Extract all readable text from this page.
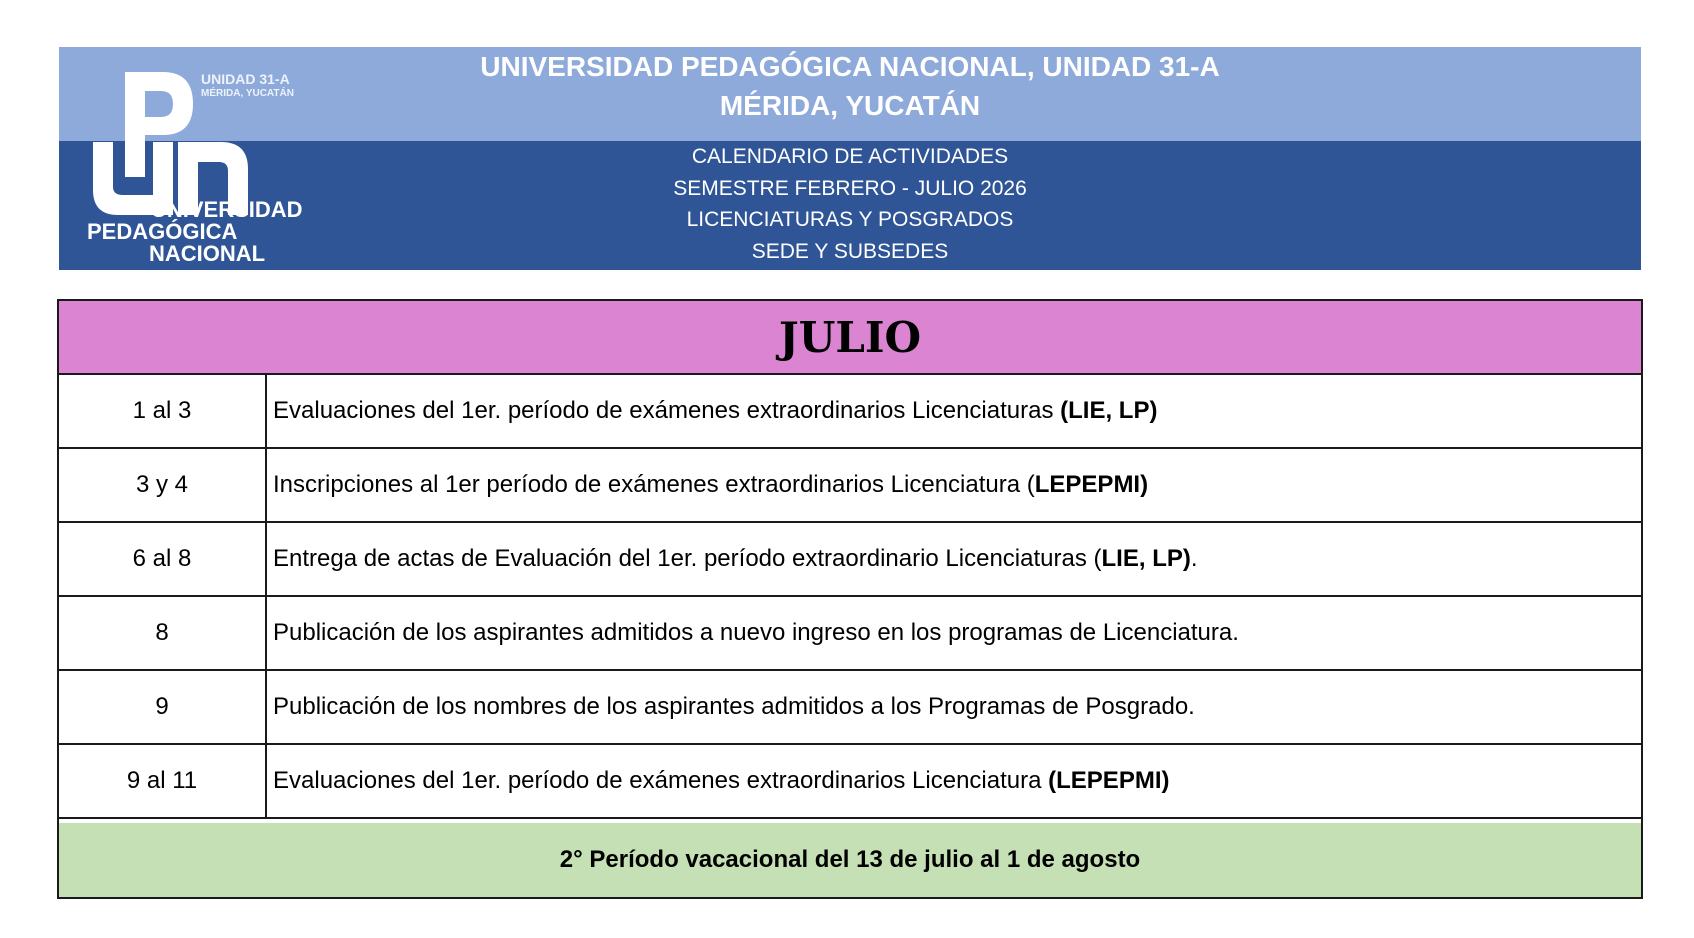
UNIVERSIDAD PEDAGÓGICA NACIONAL, UNIDAD 31-A
MÉRIDA, YUCATÁN
CALENDARIO DE ACTIVIDADES
SEMESTRE FEBRERO - JULIO 2026
LICENCIATURAS Y POSGRADOS
SEDE Y SUBSEDES
UNIDAD 31-A
MÉRIDA, YUCATÁN
UNIVERSIDAD
PEDAGÓGICA
NACIONAL
JULIO
1 al 3	Evaluaciones del 1er. período de exámenes extraordinarios Licenciaturas (LIE, LP)
3 y 4	Inscripciones al 1er período de exámenes extraordinarios Licenciatura (LEPEPMI)
6 al 8	Entrega de actas de Evaluación del 1er. período extraordinario Licenciaturas (LIE, LP).
8	Publicación de los aspirantes admitidos a nuevo ingreso en los programas de Licenciatura.
9	Publicación de los nombres de los aspirantes admitidos a los Programas de Posgrado.
9 al 11	Evaluaciones del 1er. período de exámenes extraordinarios Licenciatura (LEPEPMI)
2° Período vacacional del 13 de julio al 1 de agosto
